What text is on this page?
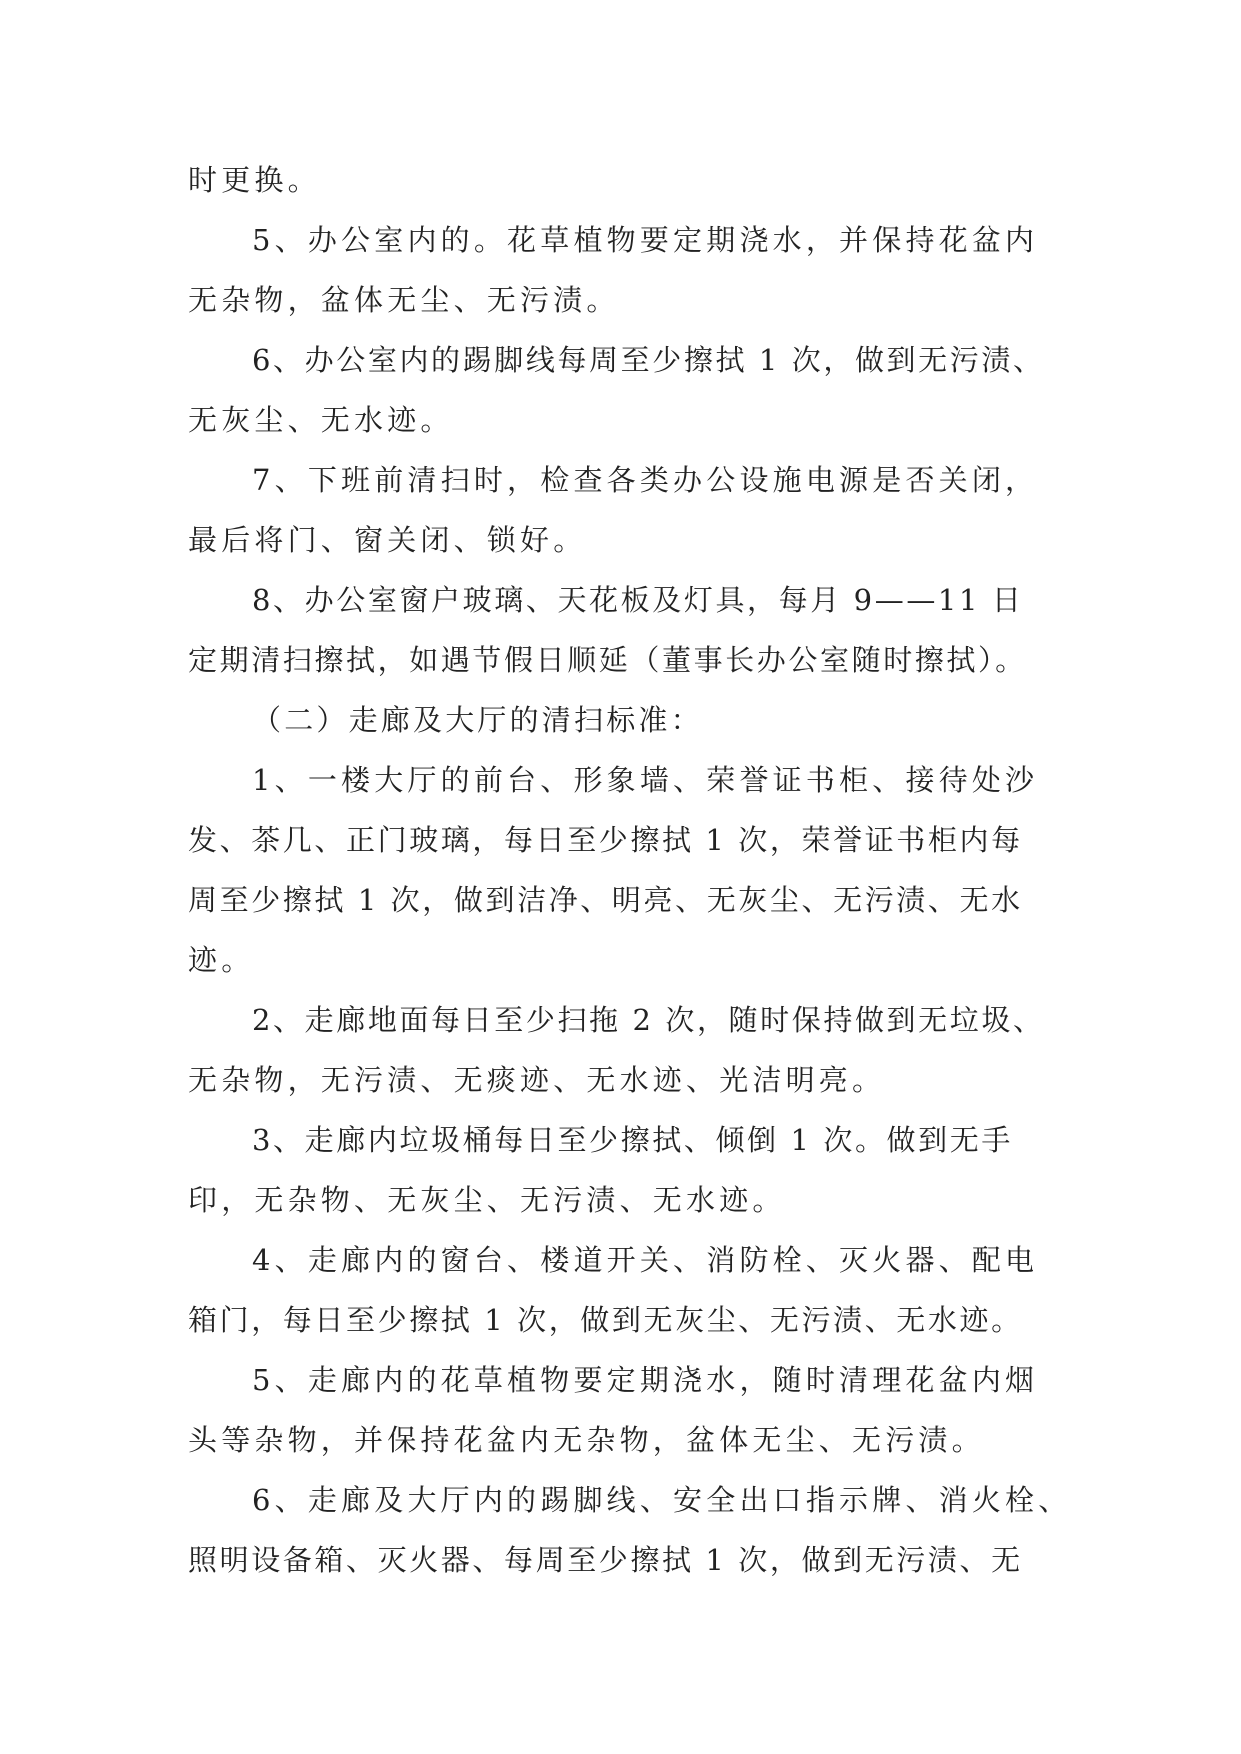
时更换。
5、办公室内的。花草植物要定期浇水，并保持花盆内
无杂物，盆体无尘、无污渍。
6、办公室内的踢脚线每周至少擦拭 1 次，做到无污渍、
无灰尘、无水迹。
7、下班前清扫时，检查各类办公设施电源是否关闭，
最后将门、窗关闭、锁好。
8、办公室窗户玻璃、天花板及灯具，每月 9——11 日
定期清扫擦拭，如遇节假日顺延（董事长办公室随时擦拭）。
（二）走廊及大厅的清扫标准：
1、一楼大厅的前台、形象墙、荣誉证书柜、接待处沙
发、茶几、正门玻璃，每日至少擦拭 1 次，荣誉证书柜内每
周至少擦拭 1 次，做到洁净、明亮、无灰尘、无污渍、无水
迹。
2、走廊地面每日至少扫拖 2 次，随时保持做到无垃圾、
无杂物，无污渍、无痰迹、无水迹、光洁明亮。
3、走廊内垃圾桶每日至少擦拭、倾倒 1 次。做到无手
印，无杂物、无灰尘、无污渍、无水迹。
4、走廊内的窗台、楼道开关、消防栓、灭火器、配电
箱门，每日至少擦拭 1 次，做到无灰尘、无污渍、无水迹。
5、走廊内的花草植物要定期浇水，随时清理花盆内烟
头等杂物，并保持花盆内无杂物，盆体无尘、无污渍。
6、走廊及大厅内的踢脚线、安全出口指示牌、消火栓、
照明设备箱、灭火器、每周至少擦拭 1 次，做到无污渍、无
